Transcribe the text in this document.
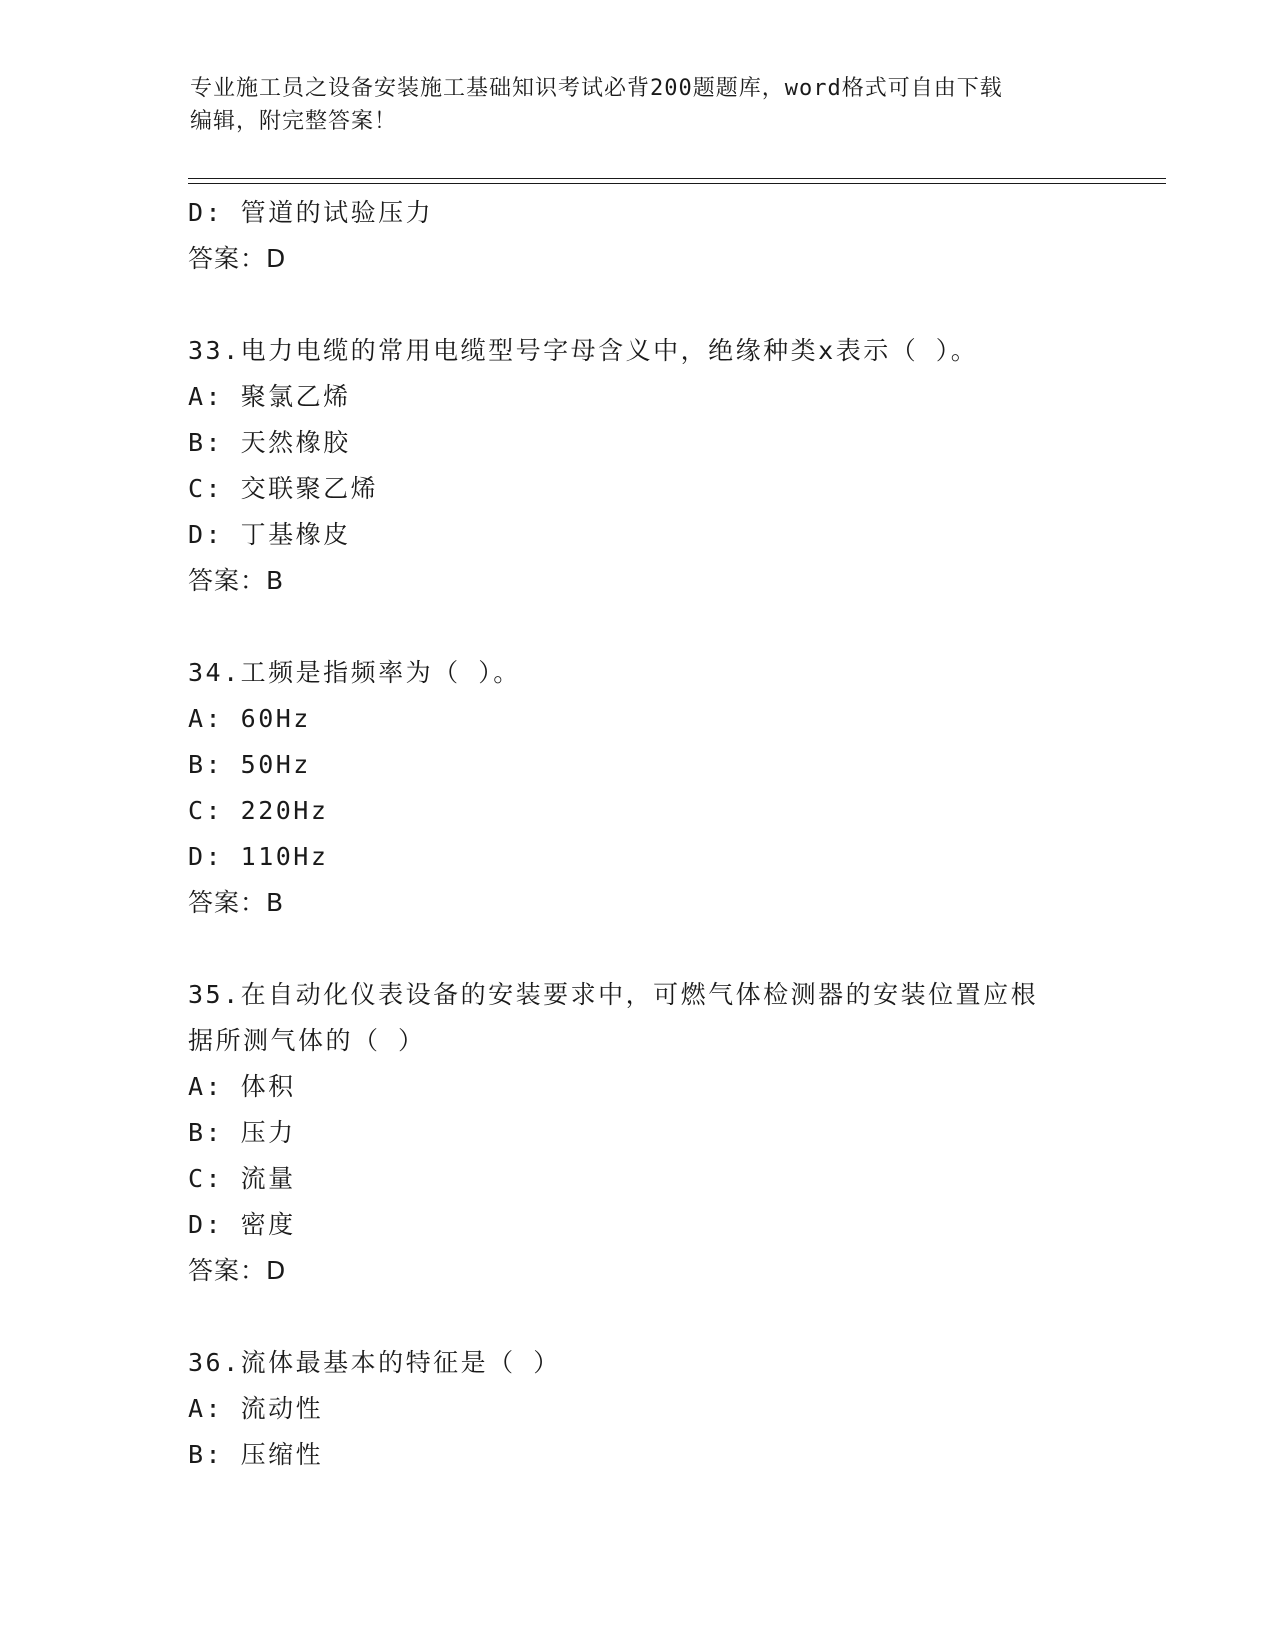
专业施工员之设备安装施工基础知识考试必背200题题库，word格式可自由下载
编辑，附完整答案！
D: 管道的试验压力
答案：D
33.电力电缆的常用电缆型号字母含义中，绝缘种类x表示（ ）。
A: 聚氯乙烯
B: 天然橡胶
C: 交联聚乙烯
D: 丁基橡皮
答案：B
34.工频是指频率为（ ）。
A: 60Hz
B: 50Hz
C: 220Hz
D: 110Hz
答案：B
35.在自动化仪表设备的安装要求中，可燃气体检测器的安装位置应根
据所测气体的（ ）
A: 体积
B: 压力
C: 流量
D: 密度
答案：D
36.流体最基本的特征是（ ）
A: 流动性
B: 压缩性
